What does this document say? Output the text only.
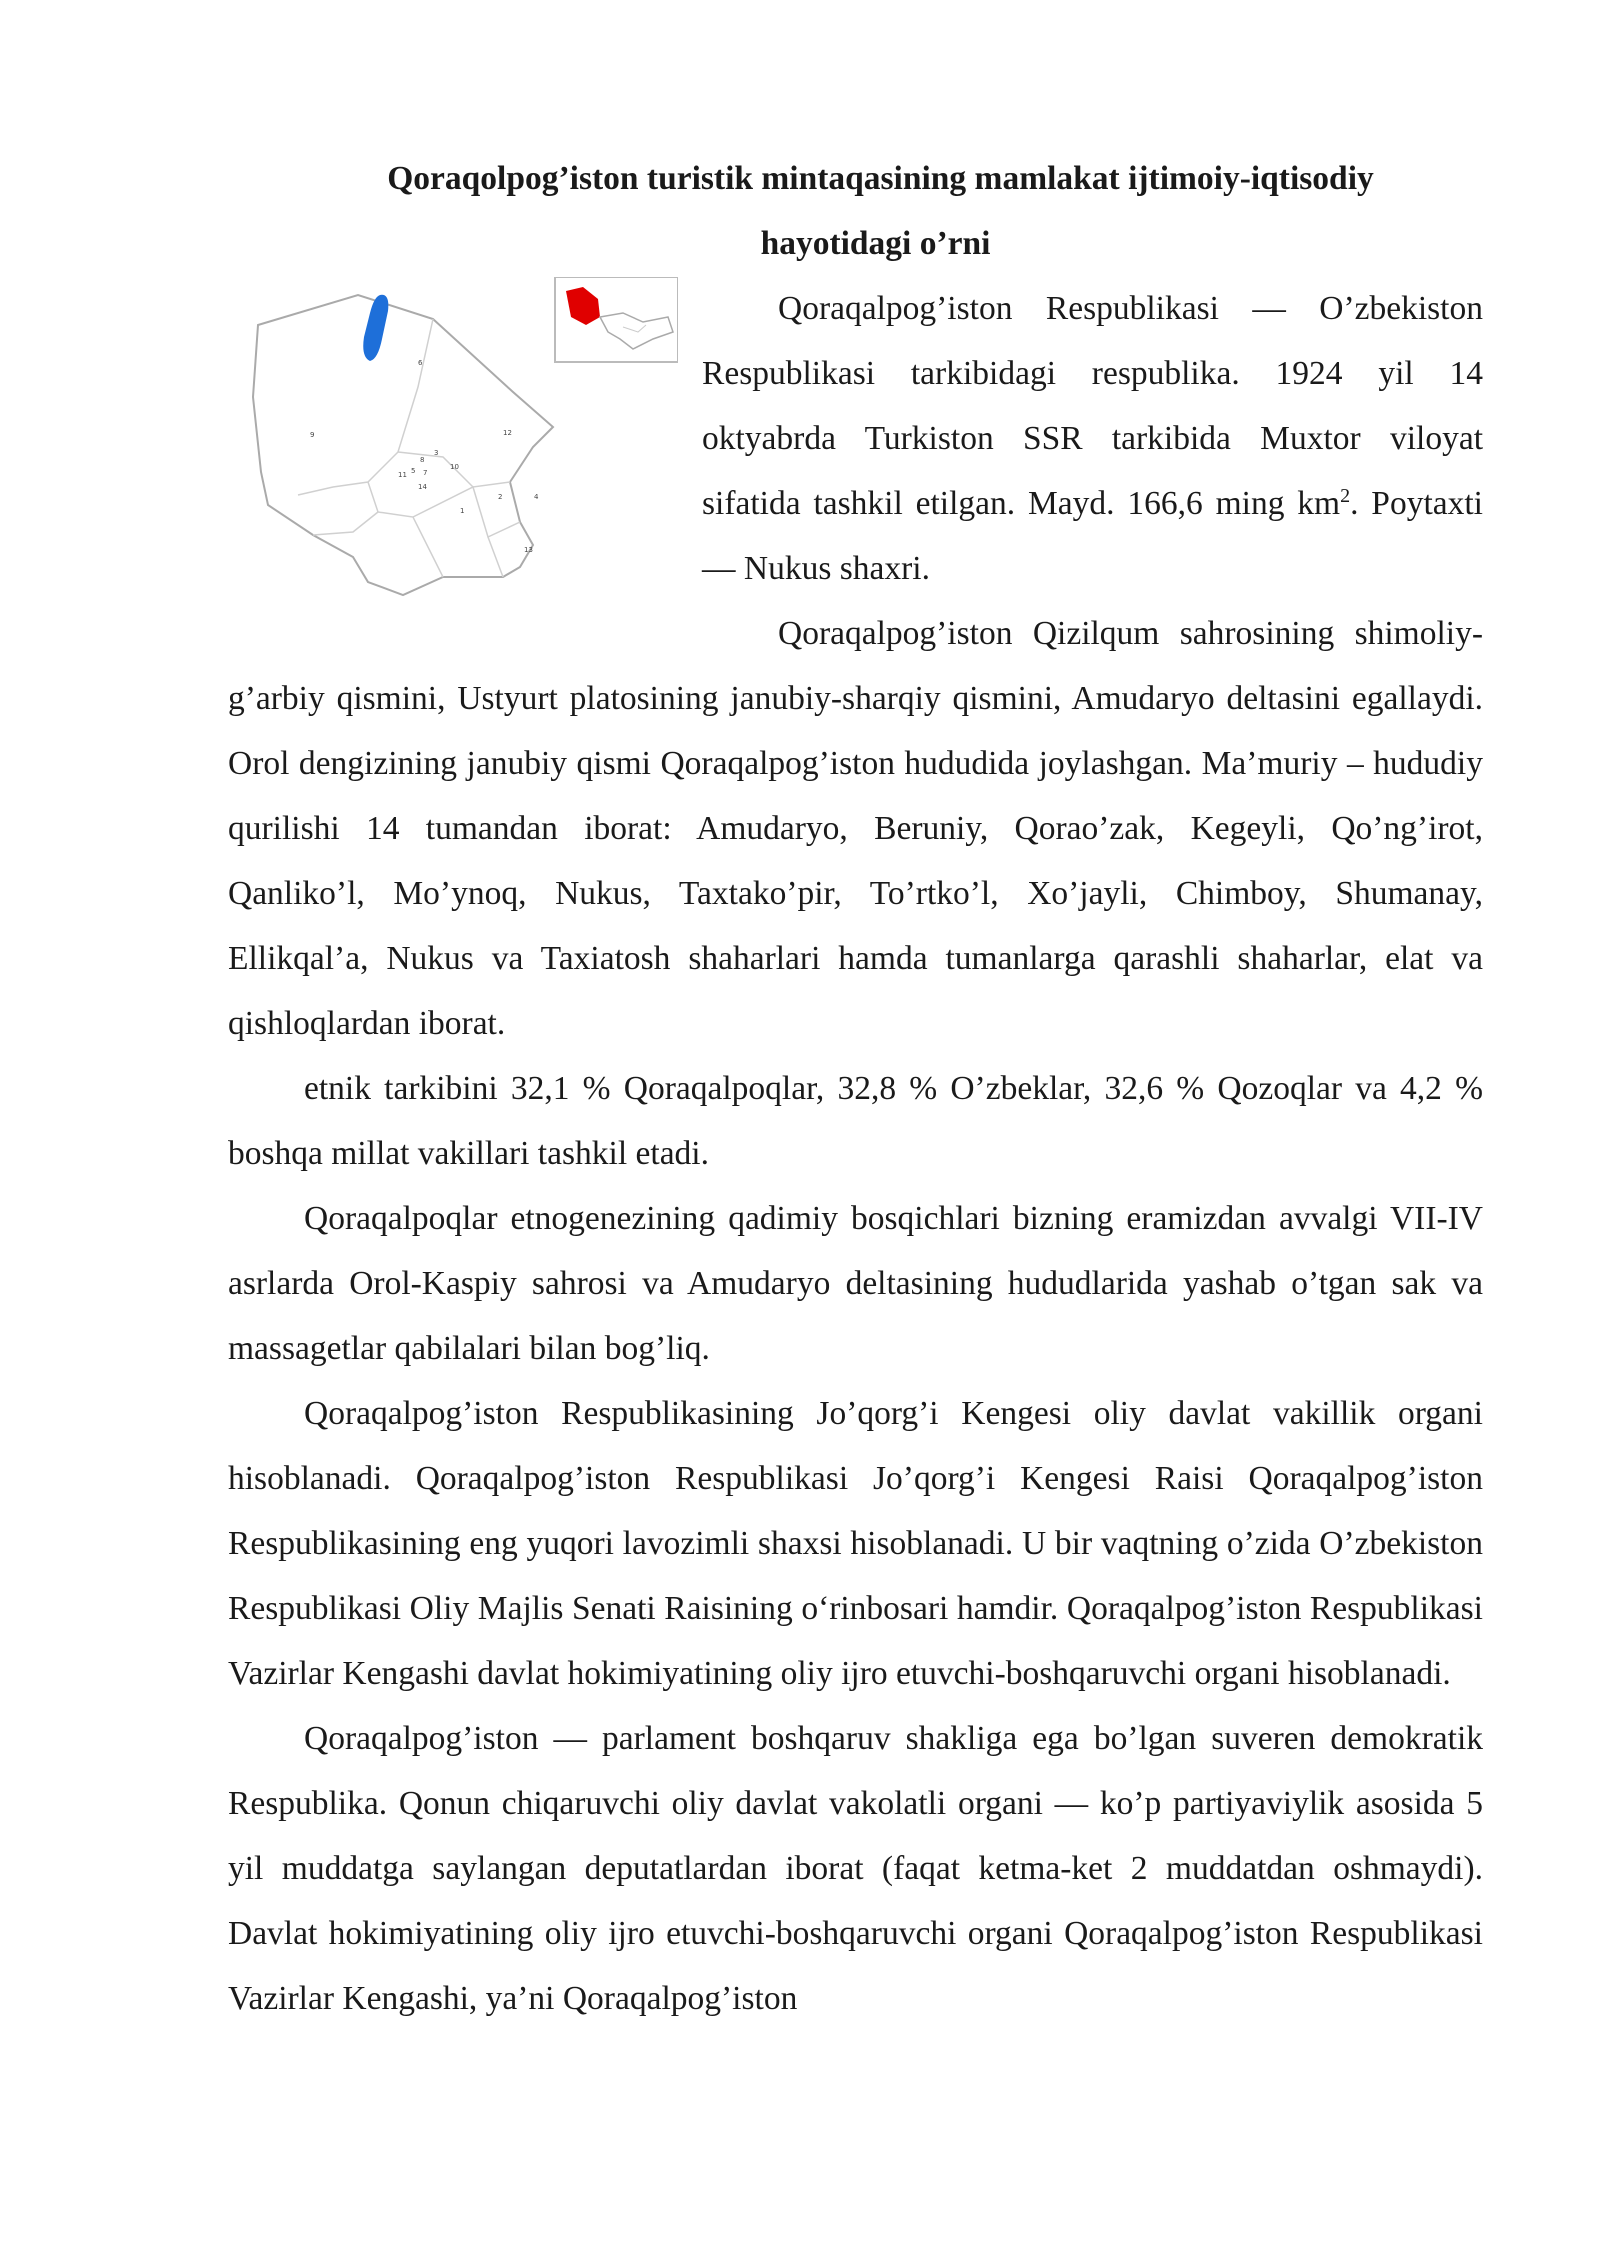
Qoraqolpog’iston turistik mintaqasining mamlakat ijtimoiy-iqtisodiy
hayotidagi o’rni
6
9	12
3
8
10
7
11 5
14
1
2	4
13

Qoraqalpog’iston Respublikasi — O’zbekiston Respublikasi tarkibidagi respublika. 1924 yil 14 oktyabrda Turkiston SSR tarkibida Muxtor viloyat sifatida tashkil etilgan. Mayd. 166,6 ming $km^2$. Poytaxti — Nukus shaxri.

Qoraqalpog’iston Qizilqum sahrosining shimoliy-g’arbiy qismini, Ustyurt platosining janubiy-sharqiy qismini, Amudaryo deltasini egallaydi. Orol dengizining janubiy qismi Qoraqalpog’iston hududida joylashgan. Ma’muriy – hududiy qurilishi 14 tumandan iborat: Amudaryo, Beruniy, Qorao’zak, Kegeyli, Qo’ng’irot, Qanliko’l, Mo’ynoq, Nukus, Taxtako’pir, To’rtko’l, Xo’jayli, Chimboy, Shumanay, Ellikqal’a, Nukus va Taxiatosh shaharlari hamda tumanlarga qarashli shaharlar, elat va qishloqlardan iborat.

etnik tarkibini 32,1 % Qoraqalpoqlar, 32,8 % O’zbeklar, 32,6 % Qozoqlar va 4,2 % boshqa millat vakillari tashkil etadi.

Qoraqalpoqlar etnogenezining qadimiy bosqichlari bizning eramizdan avvalgi VII-IV asrlarda Orol-Kaspiy sahrosi va Amudaryo deltasining hududlarida yashab o’tgan sak va massagetlar qabilalari bilan bog’liq.

Qoraqalpog’iston Respublikasining Jo’qorg’i Kengesi oliy davlat vakillik organi hisoblanadi. Qoraqalpog’iston Respublikasi Jo’qorg’i Kengesi Raisi Qoraqalpog’iston Respublikasining eng yuqori lavozimli shaxsi hisoblanadi. U bir vaqtning o’zida O’zbekiston Respublikasi Oliy Majlis Senati Raisining o‘rinbosari hamdir. Qoraqalpog’iston Respublikasi Vazirlar Kengashi davlat hokimiyatining oliy ijro etuvchi-boshqaruvchi organi hisoblanadi.

Qoraqalpog’iston — parlament boshqaruv shakliga ega bo’lgan suveren demokratik Respublika. Qonun chiqaruvchi oliy davlat vakolatli organi — ko’p partiyaviylik asosida 5 yil muddatga saylangan deputatlardan iborat (faqat ketma-ket 2 muddatdan oshmaydi). Davlat hokimiyatining oliy ijro etuvchi-boshqaruvchi organi Qoraqalpog’iston Respublikasi Vazirlar Kengashi, ya’ni Qoraqalpog’iston
